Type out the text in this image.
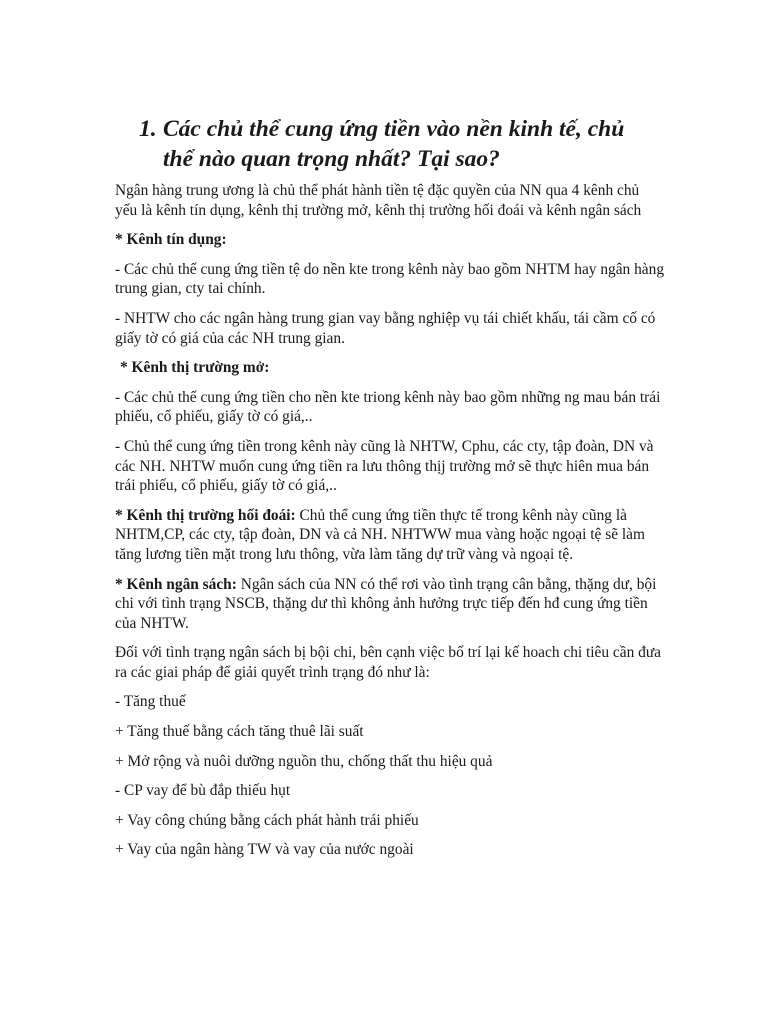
1. Các chủ thể cung ứng tiền vào nền kinh tế, chủ
thể nào quan trọng nhất? Tại sao?

Ngân hàng trung ương là chủ thể phát hành tiền tệ đặc quyền của NN qua 4 kênh chủ yếu là kênh tín dụng, kênh thị trường mở, kênh thị trường hối đoái và kênh ngân sách

* Kênh tín dụng:

- Các chủ thể cung ứng tiền tệ do nền kte trong kênh này bao gồm NHTM hay ngân hàng trung gian, cty tai chính.

- NHTW cho các ngân hàng trung gian vay bằng nghiệp vụ tái chiết khấu, tái cầm cố có giấy tờ có giá của các NH trung gian.

* Kênh thị trường mở:

- Các chủ thể cung ứng tiền cho nền kte triong kênh này bao gồm những ng mau bán trái phiếu, cổ phiếu, giấy tờ có giá,..

- Chủ thể cung ứng tiền trong kênh này cũng là NHTW, Cphu, các cty, tập đoàn, DN và các NH. NHTW muốn cung ứng tiền ra lưu thông thịj trường mở sẽ thực hiên mua bán trái phiếu, cổ phiếu, giấy tờ có giá,..

* Kênh thị trường hối đoái: Chủ thể cung ứng tiền thực tế trong kênh này cũng là NHTM,CP, các cty, tập đoàn, DN và cả NH. NHTWW mua vàng hoặc ngoại tệ sẽ làm tăng lương tiền mặt trong lưu thông, vừa làm tăng dự trữ vàng và ngoại tệ.

* Kênh ngân sách: Ngân sách của NN có thể rơi vào tình trạng cân bằng, thặng dư, bội chi với tình trạng NSCB, thặng dư thì không ảnh hưởng trực tiếp đến hđ cung ứng tiền của NHTW.

Đối với tình trạng ngân sách bị bội chi, bên cạnh việc bố trí lại kế hoach chi tiêu cần đưa ra các giai pháp để giải quyết trình trạng đó như là:

- Tăng thuế

+ Tăng thuế bằng cách tăng thuê lãi suất

+ Mở rộng và nuôi dưỡng nguồn thu, chống thất thu hiệu quả

- CP vay để bù đắp thiếu hụt

+ Vay công chúng bằng cách phát hành trái phiếu

+ Vay của ngân hàng TW và vay của nước ngoài
